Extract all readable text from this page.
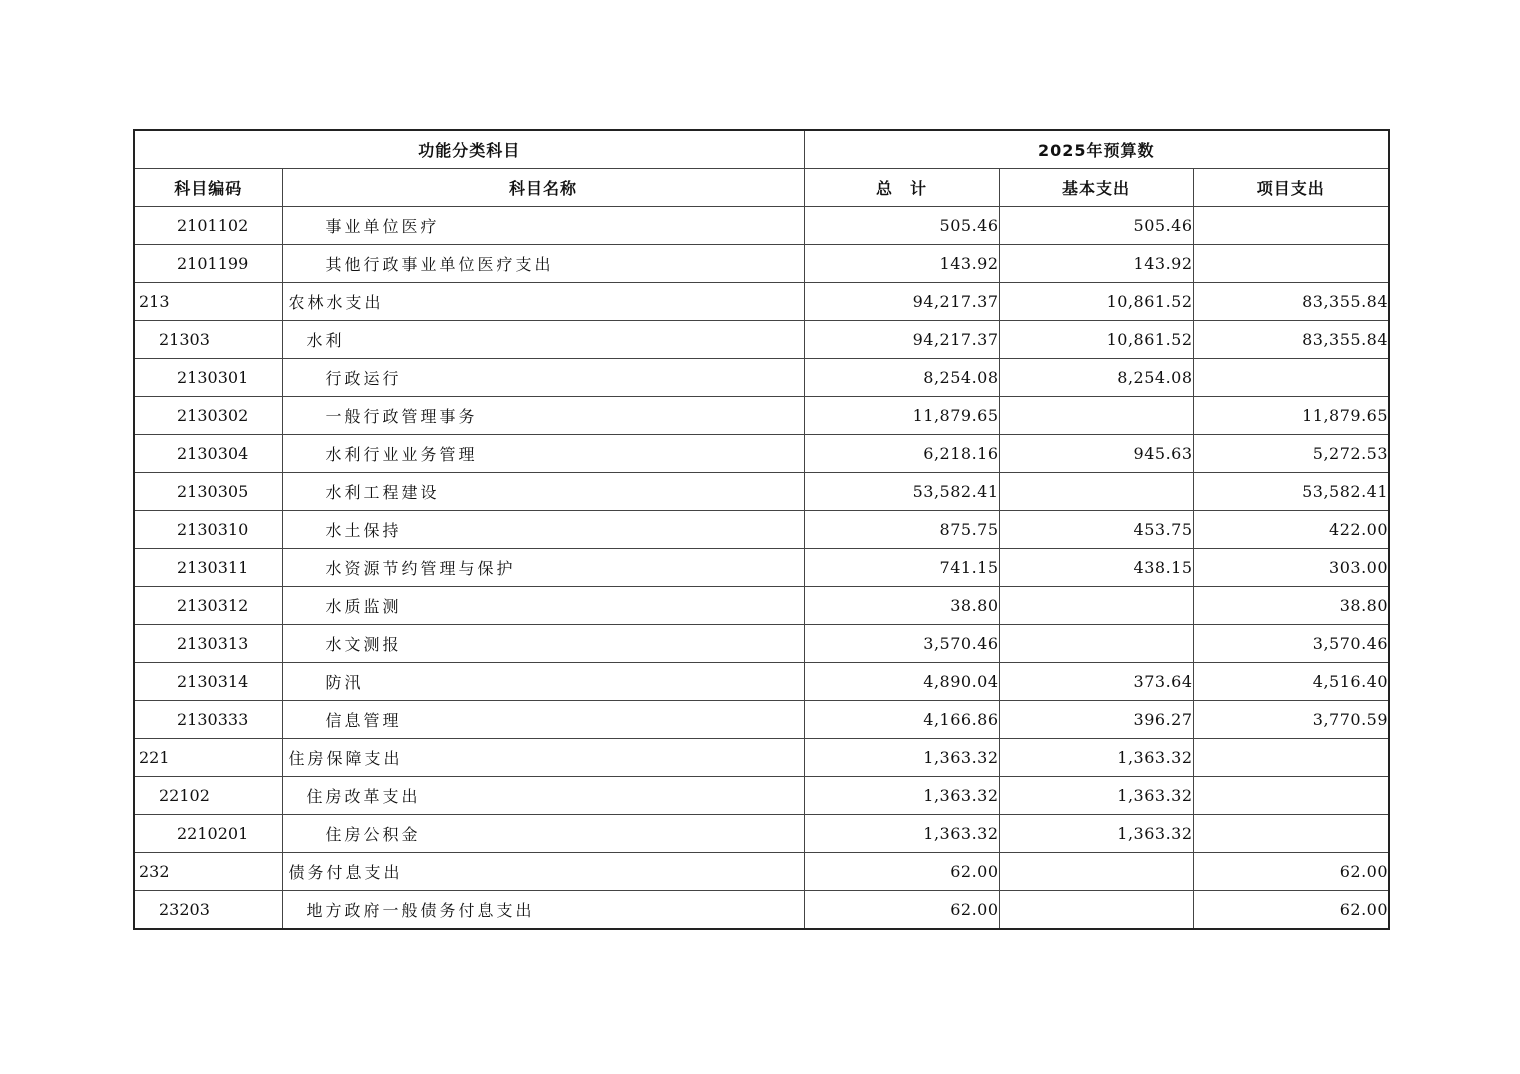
功能分类科目		2025年预算数		
科目编码	科目名称	总　计	基本支出	项目支出
2101102	事业单位医疗	505.46	505.46	
2101199	其他行政事业单位医疗支出	143.92	143.92	
213	农林水支出	94,217.37	10,861.52	83,355.84
21303	水利	94,217.37	10,861.52	83,355.84
2130301	行政运行	8,254.08	8,254.08	
2130302	一般行政管理事务	11,879.65		11,879.65
2130304	水利行业业务管理	6,218.16	945.63	5,272.53
2130305	水利工程建设	53,582.41		53,582.41
2130310	水土保持	875.75	453.75	422.00
2130311	水资源节约管理与保护	741.15	438.15	303.00
2130312	水质监测	38.80		38.80
2130313	水文测报	3,570.46		3,570.46
2130314	防汛	4,890.04	373.64	4,516.40
2130333	信息管理	4,166.86	396.27	3,770.59
221	住房保障支出	1,363.32	1,363.32	
22102	住房改革支出	1,363.32	1,363.32	
2210201	住房公积金	1,363.32	1,363.32	
232	债务付息支出	62.00		62.00
23203	地方政府一般债务付息支出	62.00		62.00
